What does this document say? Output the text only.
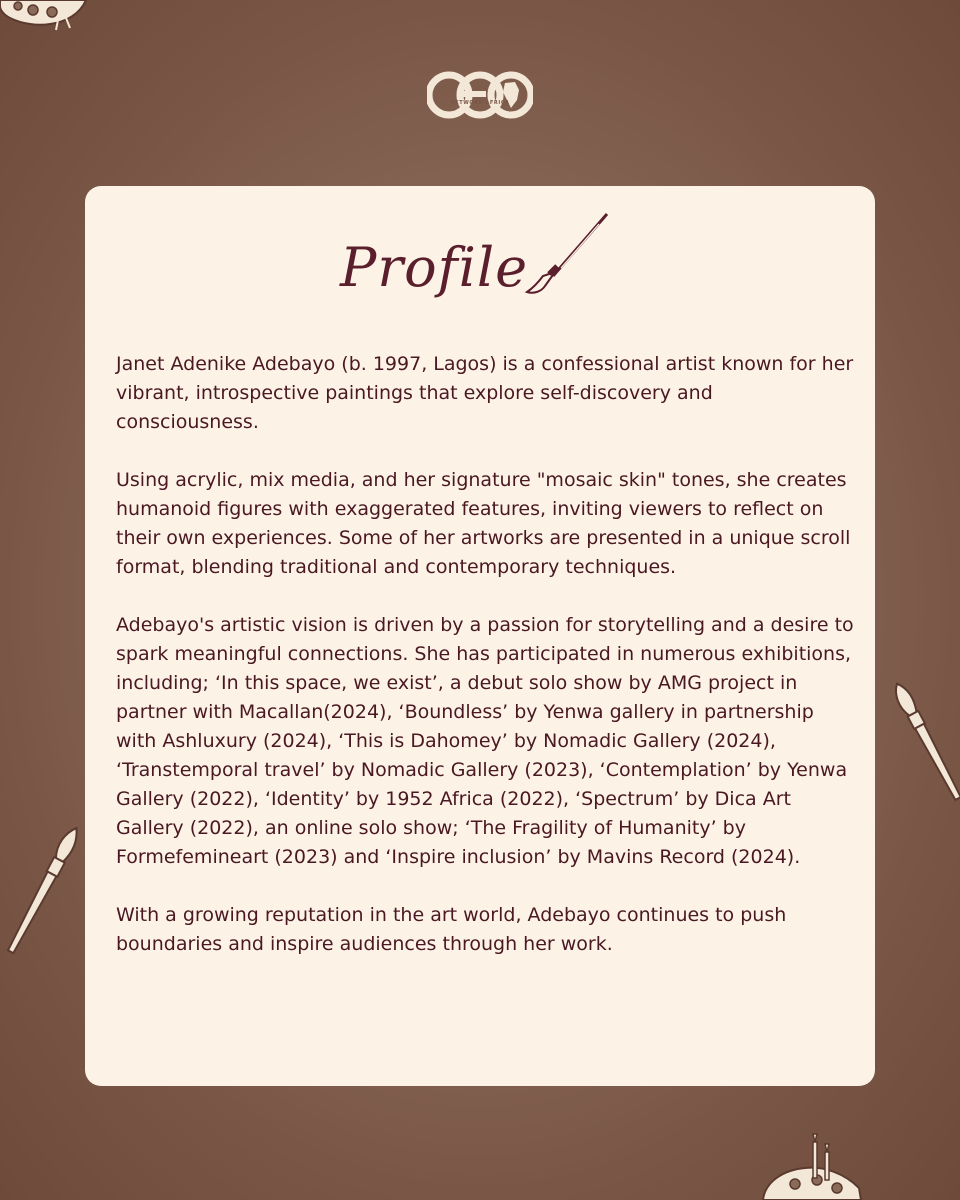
NETWORK AFRICA
Profile

Janet Adenike Adebayo (b. 1997, Lagos) is a confessional artist known for her vibrant, introspective paintings that explore self-discovery and consciousness.

Using acrylic, mix media, and her signature "mosaic skin" tones, she creates humanoid figures with exaggerated features, inviting viewers to reflect on their own experiences. Some of her artworks are presented in a unique scroll format, blending traditional and contemporary techniques.

Adebayo's artistic vision is driven by a passion for storytelling and a desire to spark meaningful connections. She has participated in numerous exhibitions, including; ‘In this space, we exist’, a debut solo show by AMG project in partner with Macallan(2024), ‘Boundless’ by Yenwa gallery in partnership with Ashluxury (2024), ‘This is Dahomey’ by Nomadic Gallery (2024), ‘Transtemporal travel’ by Nomadic Gallery (2023), ‘Contemplation’ by Yenwa Gallery (2022), ‘Identity’ by 1952 Africa (2022), ‘Spectrum’ by Dica Art Gallery (2022), an online solo show; ‘The Fragility of Humanity’ by Formefemineart (2023) and ‘Inspire inclusion’ by Mavins Record (2024).

With a growing reputation in the art world, Adebayo continues to push boundaries and inspire audiences through her work.
